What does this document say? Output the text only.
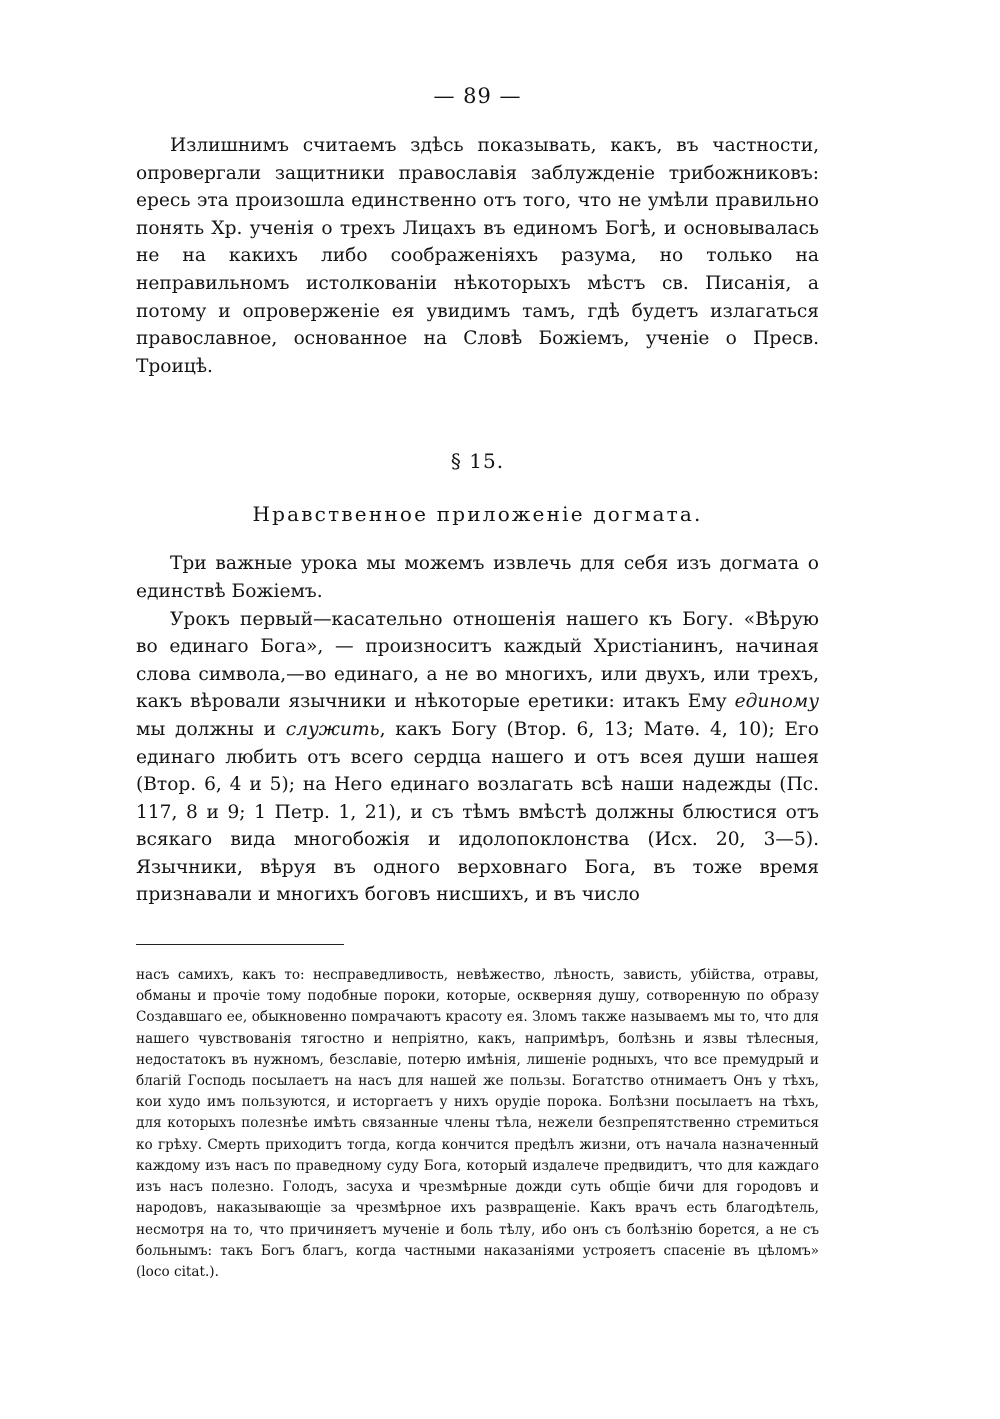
— 89 —

Излишнимъ считаемъ здѣсь показывать, какъ, въ частности, опровергали защитники православія заблужденіе трибожниковъ: ересь эта произошла единственно отъ того, что не умѣли правильно понять Хр. ученія о трехъ Лицахъ въ единомъ Богѣ, и основывалась не на какихъ либо соображеніяхъ разума, но только на неправильномъ истолкованіи нѣкоторыхъ мѣстъ св. Писанія, а потому и опроверженіе ея увидимъ тамъ, гдѣ будетъ излагаться православное, основанное на Словѣ Божіемъ, ученіе о Пресв. Троицѣ.

§ 15.
Нравственное приложеніе догмата.

Три важные урока мы можемъ извлечь для себя изъ догмата о единствѣ Божіемъ.

Урокъ первый—касательно отношенія нашего къ Богу. «Вѣрую во единаго Бога», — произноситъ каждый Христіанинъ, начиная слова символа,—во единаго, а не во многихъ, или двухъ, или трехъ, какъ вѣровали язычники и нѣкоторые еретики: итакъ Ему единому мы должны и служить, какъ Богу (Втор. 6, 13; Матѳ. 4, 10); Его единаго любить отъ всего сердца нашего и отъ всея души нашея (Втор. 6, 4 и 5); на Него единаго возлагать всѣ наши надежды (Пс. 117, 8 и 9; 1 Петр. 1, 21), и съ тѣмъ вмѣстѣ должны блюстися отъ всякаго вида многобожія и идолопоклонства (Исх. 20, 3—5). Язычники, вѣруя въ одного верховнаго Бога, въ тоже время признавали и многихъ боговъ нисшихъ, и въ число

насъ самихъ, какъ то: несправедливость, невѣжество, лѣность, зависть, убійства, отравы, обманы и прочіе тому подобные пороки, которые, оскверняя душу, сотворенную по образу Создавшаго ее, обыкновенно помрачаютъ красоту ея. Зломъ также называемъ мы то, что для нашего чувствованія тягостно и непріятно, какъ, напримѣръ, болѣзнь и язвы тѣлесныя, недостатокъ въ нужномъ, безславіе, потерю имѣнія, лишеніе родныхъ, что все премудрый и благій Господь посылаетъ на насъ для нашей же пользы. Богатство отнимаетъ Онъ у тѣхъ, кои худо имъ пользуются, и исторгаетъ у нихъ орудіе порока. Болѣзни посылаетъ на тѣхъ, для которыхъ полезнѣе имѣть связанные члены тѣла, нежели безпрепятственно стремиться ко грѣху. Смерть приходитъ тогда, когда кончится предѣлъ жизни, отъ начала назначенный каждому изъ насъ по праведному суду Бога, который издалече предвидитъ, что для каждаго изъ насъ полезно. Голодъ, засуха и чрезмѣрные дожди суть общіе бичи для городовъ и народовъ, наказывающіе за чрезмѣрное ихъ развращеніе. Какъ врачъ есть благодѣтель, несмотря на то, что причиняетъ мученіе и боль тѣлу, ибо онъ съ болѣзнію борется, а не съ больнымъ: такъ Богъ благъ, когда частными наказаніями устрояетъ спасеніе въ цѣломъ» (loco citat.).
